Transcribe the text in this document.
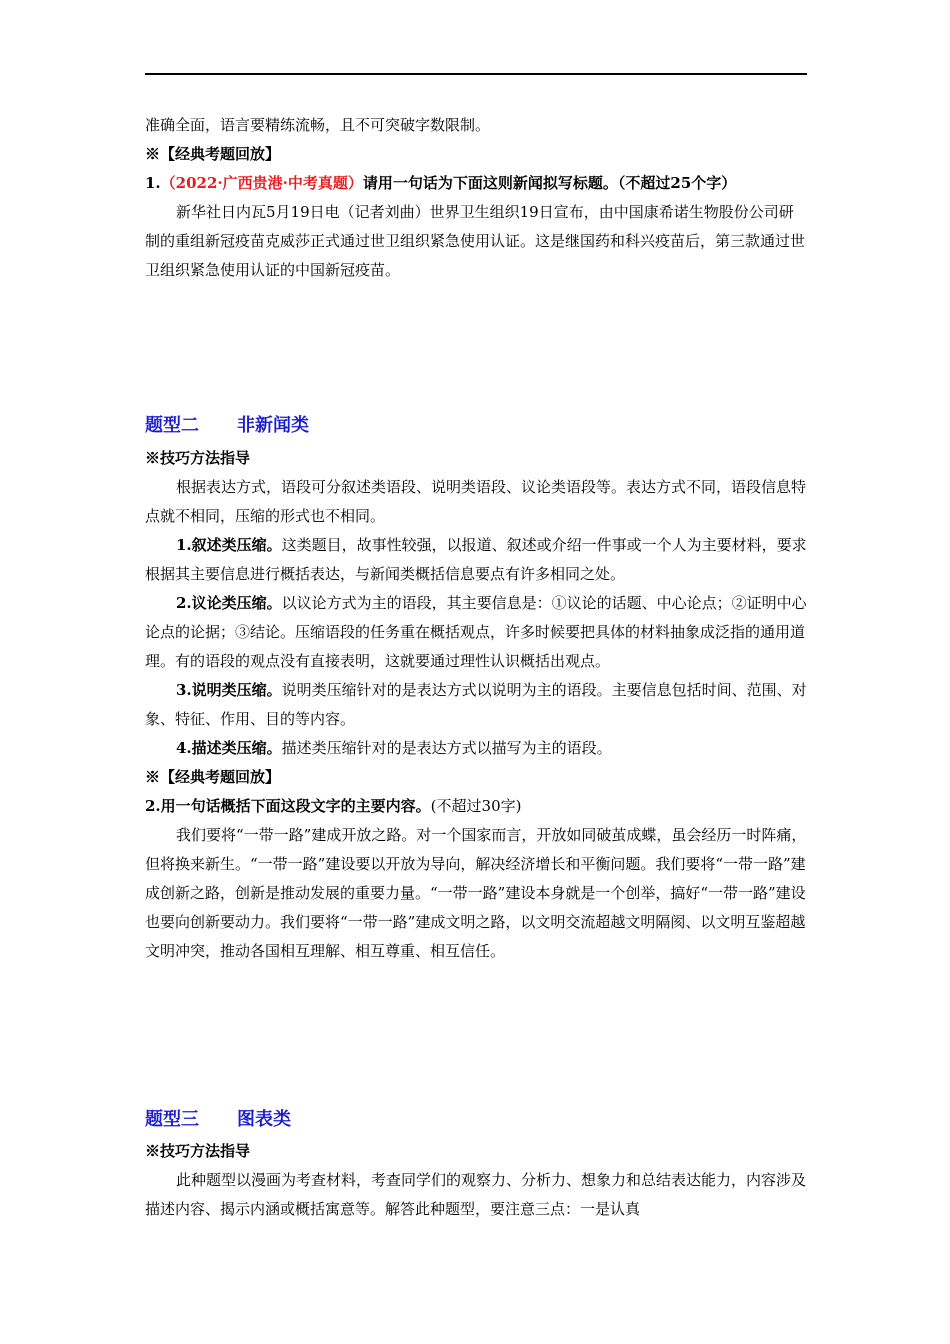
准确全面，语言要精练流畅，且不可突破字数限制。

※【经典考题回放】

1.（2022·广西贵港·中考真题）请用一句话为下面这则新闻拟写标题。（不超过25个字）

新华社日内瓦5月19日电（记者刘曲）世界卫生组织19日宣布，由中国康希诺生物股份公司研制的重组新冠疫苗克威莎正式通过世卫组织紧急使用认证。这是继国药和科兴疫苗后，第三款通过世卫组织紧急使用认证的中国新冠疫苗。

题型二 非新闻类

※技巧方法指导

根据表达方式，语段可分叙述类语段、说明类语段、议论类语段等。表达方式不同，语段信息特点就不相同，压缩的形式也不相同。

1.叙述类压缩。这类题目，故事性较强，以报道、叙述或介绍一件事或一个人为主要材料，要求根据其主要信息进行概括表达，与新闻类概括信息要点有许多相同之处。

2.议论类压缩。以议论方式为主的语段，其主要信息是：①议论的话题、中心论点；②证明中心论点的论据；③结论。压缩语段的任务重在概括观点，许多时候要把具体的材料抽象成泛指的通用道理。有的语段的观点没有直接表明，这就要通过理性认识概括出观点。

3.说明类压缩。说明类压缩针对的是表达方式以说明为主的语段。主要信息包括时间、范围、对象、特征、作用、目的等内容。

4.描述类压缩。描述类压缩针对的是表达方式以描写为主的语段。

※【经典考题回放】

2.用一句话概括下面这段文字的主要内容。(不超过30字)

我们要将“一带一路”建成开放之路。对一个国家而言，开放如同破茧成蝶，虽会经历一时阵痛，但将换来新生。“一带一路”建设要以开放为导向，解决经济增长和平衡问题。我们要将“一带一路”建成创新之路，创新是推动发展的重要力量。“一带一路”建设本身就是一个创举，搞好“一带一路”建设也要向创新要动力。我们要将“一带一路”建成文明之路，以文明交流超越文明隔阂、以文明互鉴超越文明冲突，推动各国相互理解、相互尊重、相互信任。

题型三 图表类

※技巧方法指导

此种题型以漫画为考查材料，考查同学们的观察力、分析力、想象力和总结表达能力，内容涉及描述内容、揭示内涵或概括寓意等。解答此种题型，要注意三点：一是认真
